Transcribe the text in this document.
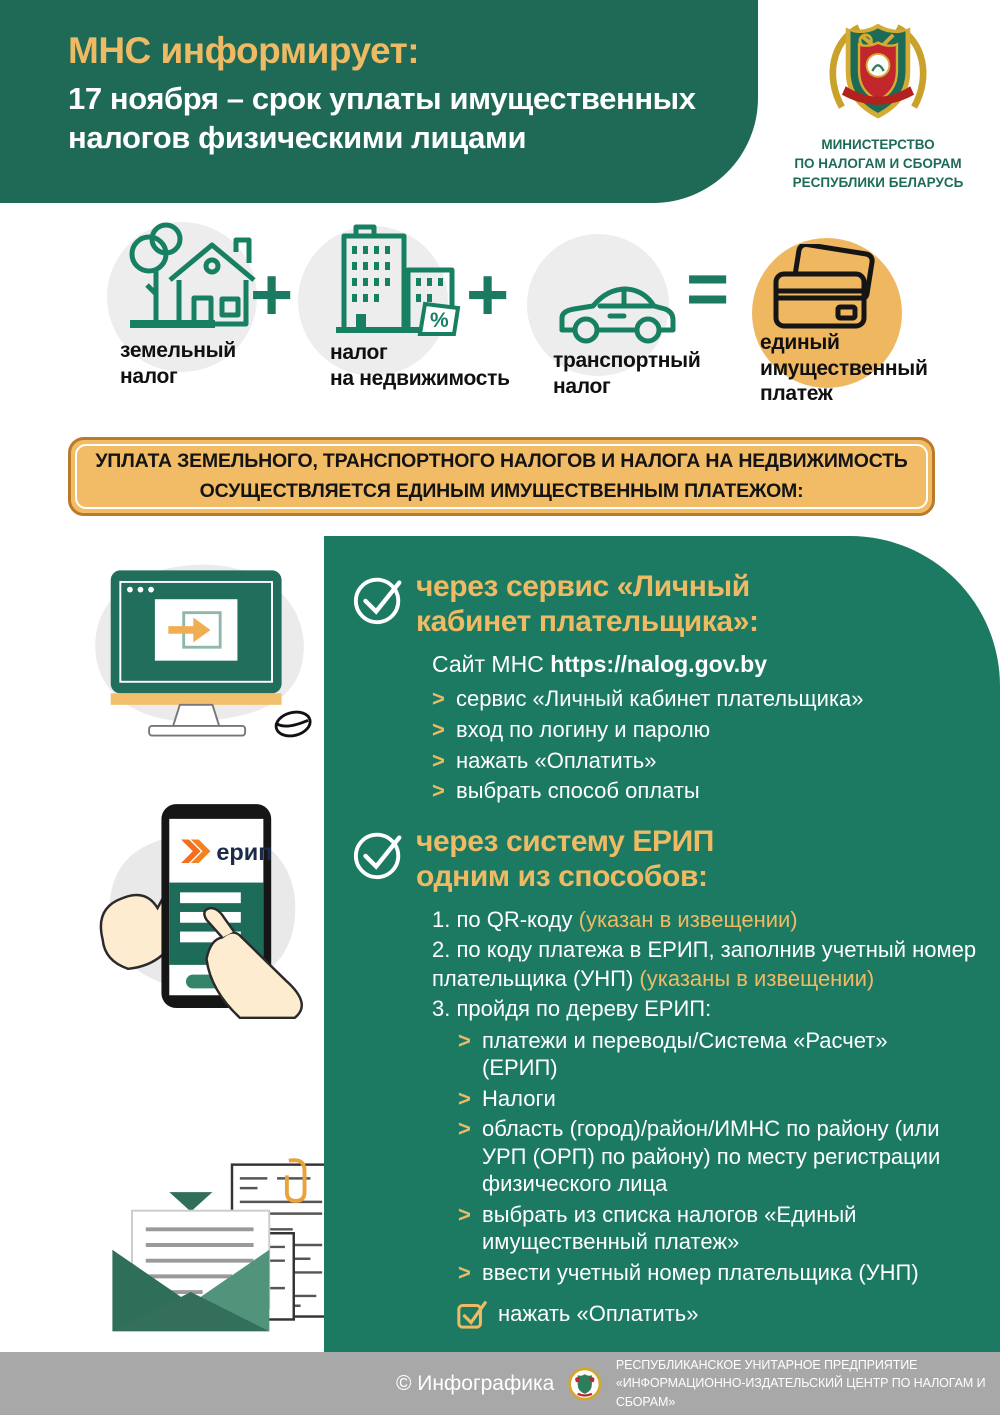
МНС информирует:
17 ноября – срок уплаты имущественных
налогов физическими лицами	МИНИСТЕРСТВО
ПО НАЛОГАМ И СБОРАМ
РЕСПУБЛИКИ БЕЛАРУСЬ
земельный
налог
+	%
налог
на недвижимость
+
транспортный
налог
=
единый
имущественный
платеж
УПЛАТА ЗЕМЕЛЬНОГО, ТРАНСПОРТНОГО НАЛОГОВ И НАЛОГА НА НЕДВИЖИМОСТЬ
ОСУЩЕСТВЛЯЕТСЯ ЕДИНЫМ ИМУЩЕСТВЕННЫМ ПЛАТЕЖОМ:
ерип
через сервис «Личный
кабинет плательщика»:
Сайт МНС https://nalog.gov.by
> сервис «Личный кабинет плательщика»
> вход по логину и паролю
> нажать «Оплатить»
> выбрать способ оплаты
через систему ЕРИП
одним из способов:
1. по QR-коду (указан в извещении)
2. по коду платежа в ЕРИП, заполнив учетный номер плательщика (УНП) (указаны в извещении)
3. пройдя по дереву ЕРИП:
> платежи и переводы/Система «Расчет» (ЕРИП)
> Налоги
> область (город)/район/ИМНС по району (или УРП (ОРП) по району) по месту регистрации физического лица
> выбрать из списка налогов «Единый имущественный платеж»
> ввести учетный номер плательщика (УНП)
нажать «Оплатить»
© Инфографика
РЕСПУБЛИКАНСКОЕ УНИТАРНОЕ ПРЕДПРИЯТИЕ
«ИНФОРМАЦИОННО-ИЗДАТЕЛЬСКИЙ ЦЕНТР ПО НАЛОГАМ И СБОРАМ»
